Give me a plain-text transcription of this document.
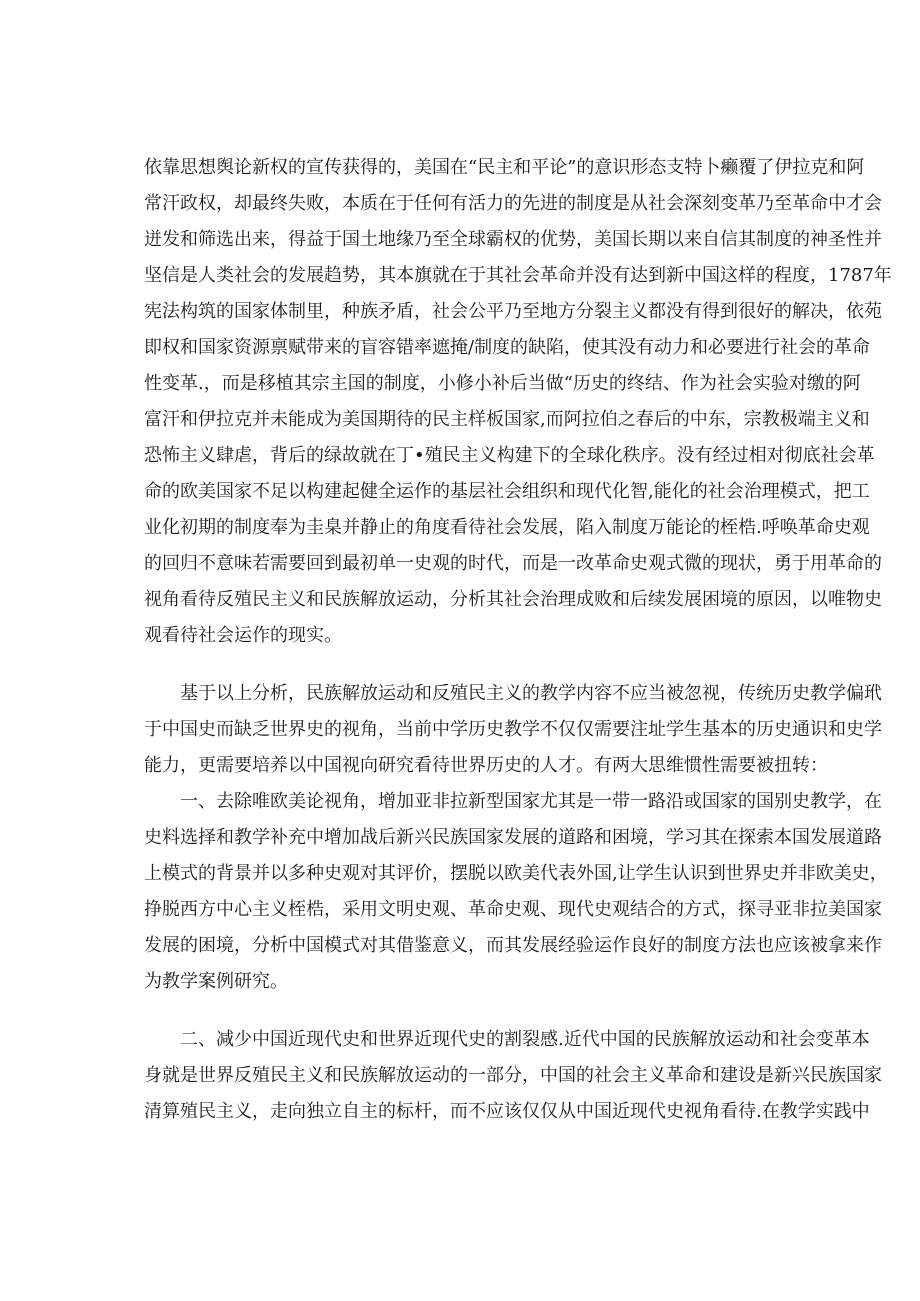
依靠思想舆论新权的宣传获得的，美国在“民主和平论”的意识形态支特卜癞覆了伊拉克和阿
常汗政权，却最终失败，本质在于任何有活力的先进的制度是从社会深刻变革乃至革命中才会
迸发和筛选出来，得益于国土地缘乃至全球霸权的优势，美国长期以来自信其制度的神圣性并
坚信是人类社会的发展趋势，其本旗就在于其社会革命并没有达到新中国这样的程度，1787年
宪法构筑的国家体制里，种族矛盾，社会公平乃至地方分裂主义都没有得到很好的解决，依苑
即权和国家资源禀赋带来的盲容错率遮掩/制度的缺陷，使其没有动力和必要进行社会的革命
性变革.，而是移植其宗主国的制度，小修小补后当做“历史的终结、作为社会实验对缴的阿
富汗和伊拉克并未能成为美国期待的民主样板国家,而阿拉伯之春后的中东，宗教极端主义和
恐怖主义肆虐，背后的绿故就在丁•殖民主义构建下的全球化秩序。没有经过相对彻底社会革
命的欧美国家不足以构建起健全运作的基层社会组织和现代化智,能化的社会治理模式，把工
业化初期的制度奉为圭臬并静止的角度看待社会发展，陷入制度万能论的桎梏.呼唤革命史观
的回归不意味若需要回到最初单一史观的时代，而是一改革命史观式微的现状，勇于用革命的
视角看待反殖民主义和民族解放运动，分析其社会治理成败和后续发展困境的原因，以唯物史
观看待社会运作的现实。
基于以上分析，民族解放运动和反殖民主义的教学内容不应当被忽视，传统历史教学偏玳
于中国史而缺乏世界史的视角，当前中学历史教学不仅仅需要注址学生基本的历史通识和史学
能力，更需要培养以中国视向研究看待世界历史的人才。有两大思维惯性需要被扭转：
一、去除唯欧美论视角，增加亚非拉新型国家尤其是一带一路沿或国家的国别史教学，在
史料选择和教学补充中增加战后新兴民族国家发展的道路和困境，学习其在探索本国发展道路
上模式的背景并以多种史观对其评价，摆脱以欧美代表外国,让学生认识到世界史并非欧美史，
挣脱西方中心主义桎梏，采用文明史观、革命史观、现代史观结合的方式，探寻亚非拉美国家
发展的困境，分析中国模式对其借鉴意义，而其发展经验运作良好的制度方法也应该被拿来作
为教学案例研究。
二、减少中国近现代史和世界近现代史的割裂感.近代中国的民族解放运动和社会变革本
身就是世界反殖民主义和民族解放运动的一部分，中国的社会主义革命和建设是新兴民族国家
清算殖民主义，走向独立自主的标杆，而不应该仅仅从中国近现代史视角看待.在教学实践中
